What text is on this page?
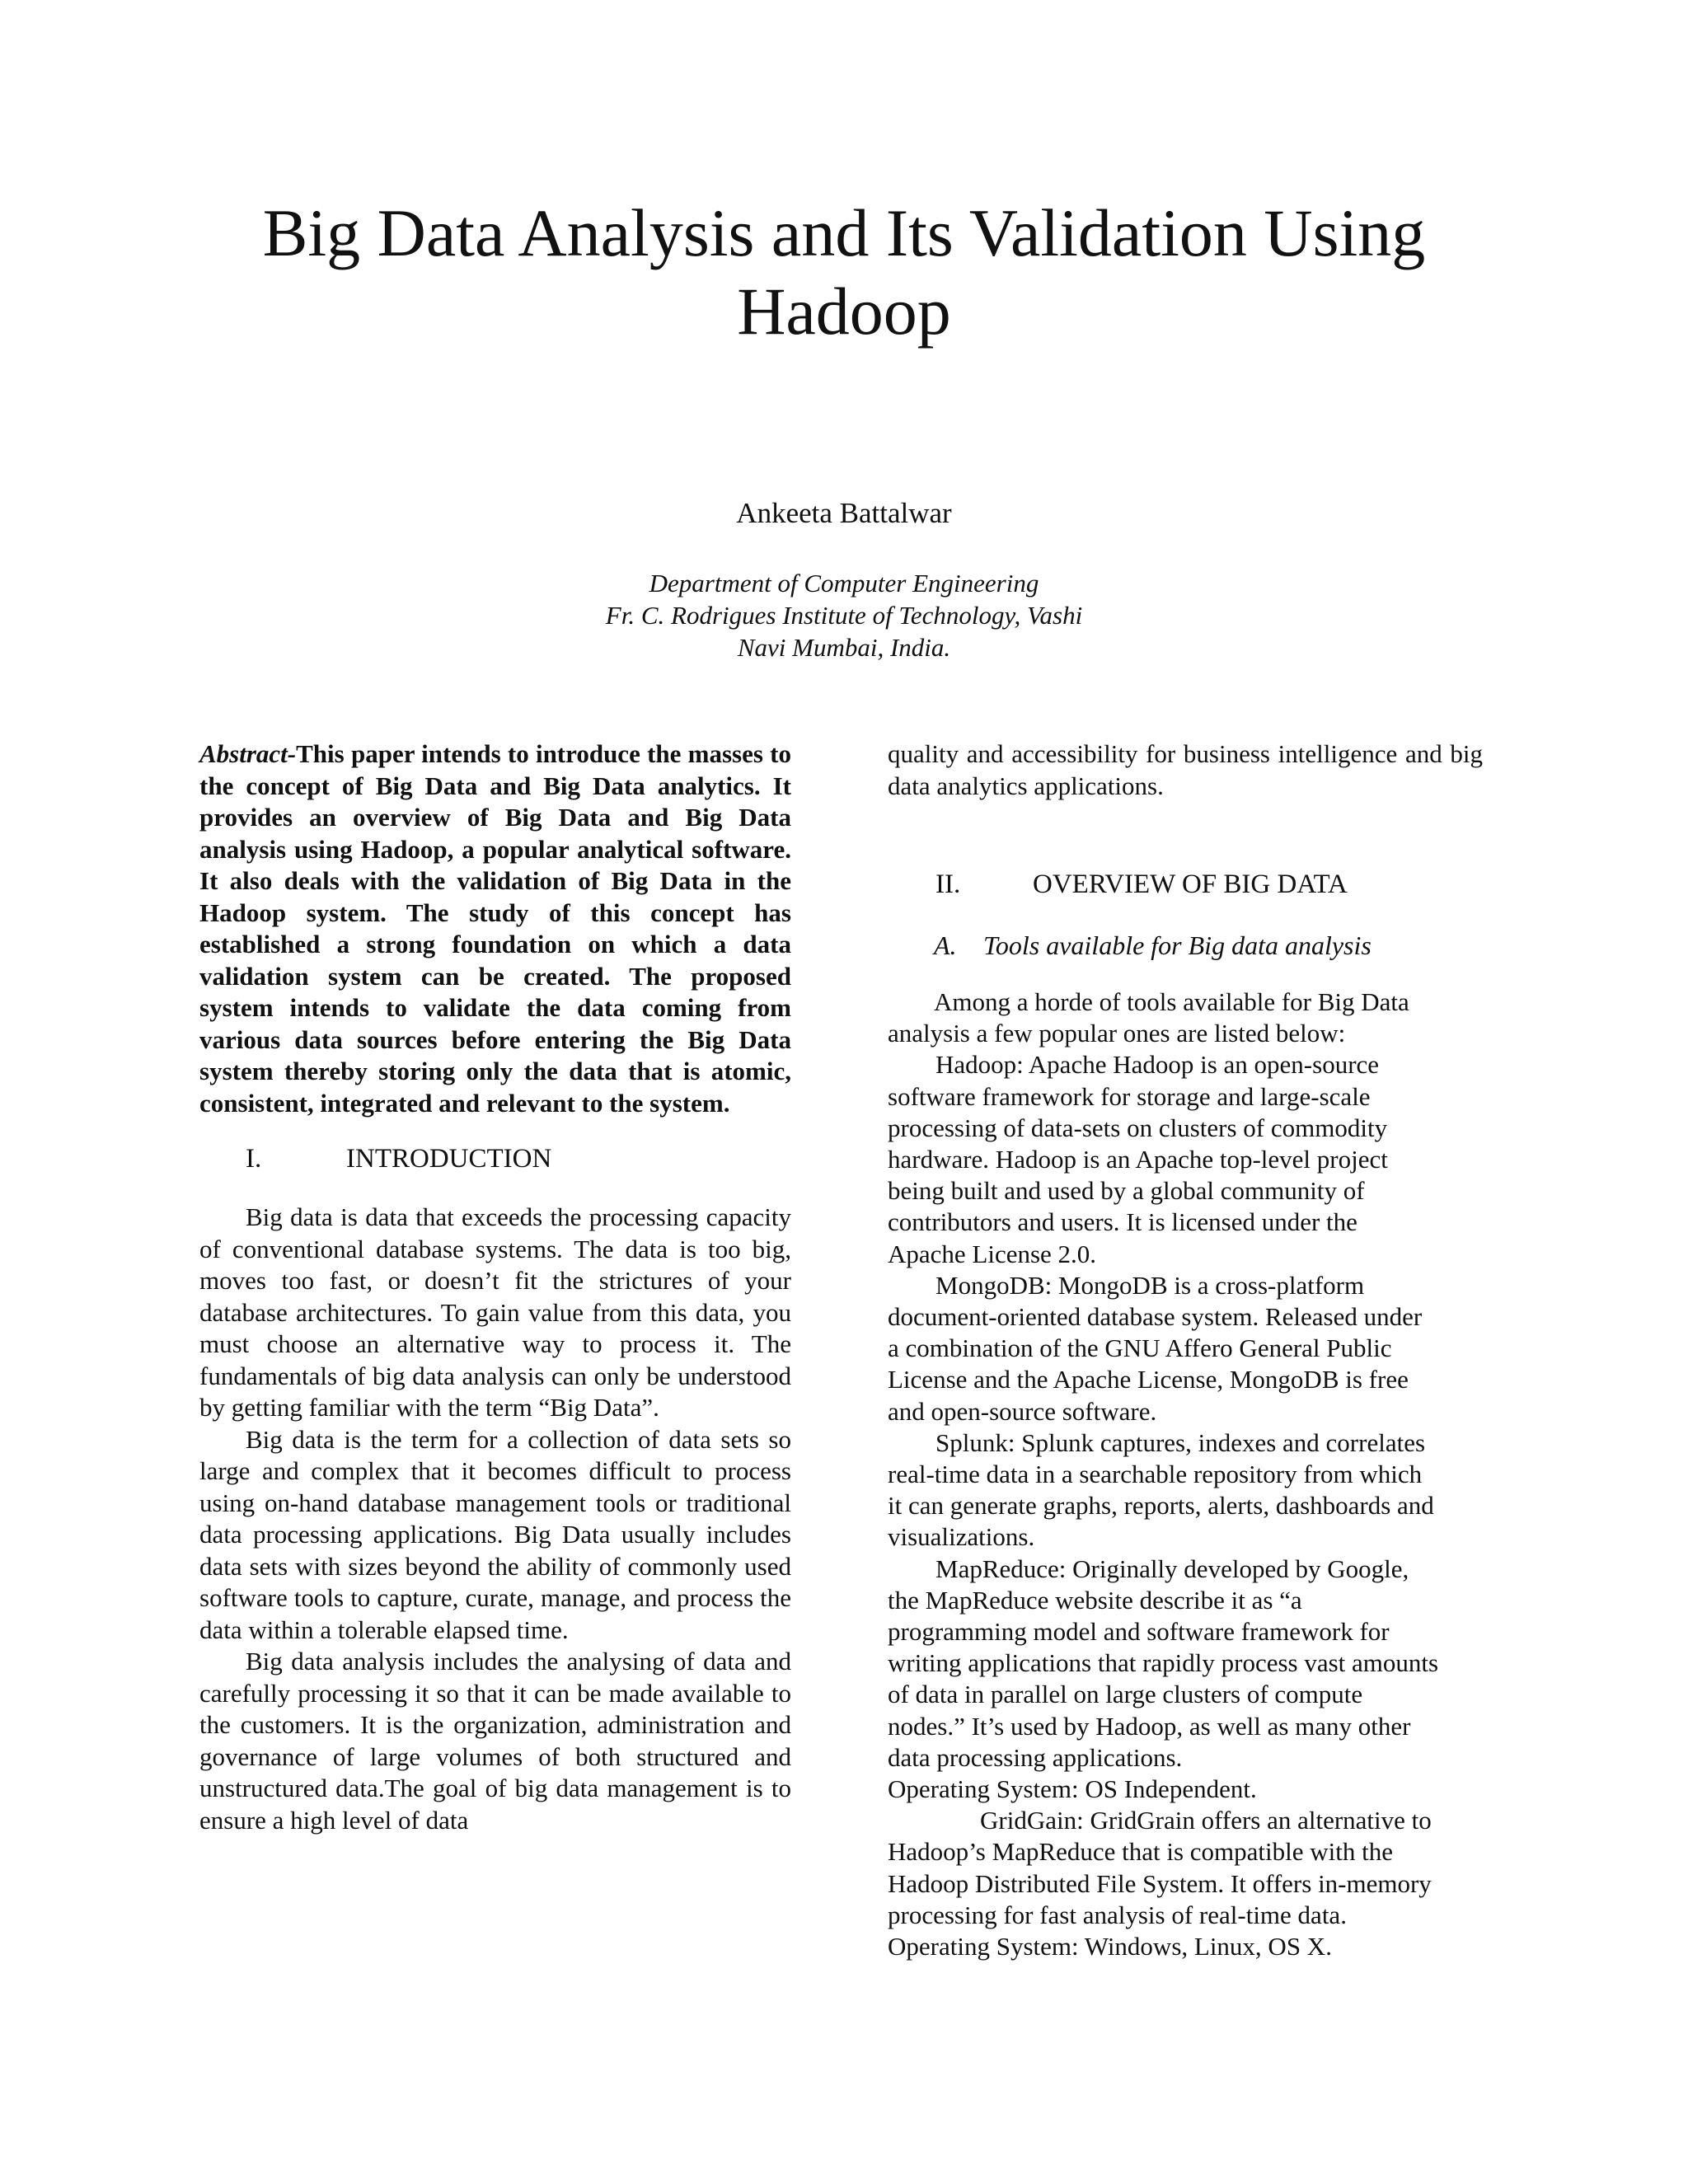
Big Data Analysis and Its Validation Using
Hadoop
Ankeeta Battalwar
Department of Computer Engineering
Fr. C. Rodrigues Institute of Technology, Vashi
Navi Mumbai, India.
Abstract-This paper intends to introduce the masses to the concept of Big Data and Big Data analytics. It provides an overview of Big Data and Big Data analysis using Hadoop, a popular analytical software. It also deals with the validation of Big Data in the Hadoop system. The study of this concept has established a strong foundation on which a data validation system can be created. The proposed system intends to validate the data coming from various data sources before entering the Big Data system thereby storing only the data that is atomic, consistent, integrated and relevant to the system.
I.	INTRODUCTION

Big data is data that exceeds the processing capacity of conventional database systems. The data is too big, moves too fast, or doesn’t fit the strictures of your database architectures. To gain value from this data, you must choose an alternative way to process it. The fundamentals of big data analysis can only be understood by getting familiar with the term “Big Data”.

Big data is the term for a collection of data sets so large and complex that it becomes difficult to process using on-hand database management tools or traditional data processing applications. Big Data usually includes data sets with sizes beyond the ability of commonly used software tools to capture, curate, manage, and process the data within a tolerable elapsed time.

Big data analysis includes the analysing of data and carefully processing it so that it can be made available to the customers. It is the organization, administration and governance of large volumes of both structured and unstructured data.The goal of big data management is to ensure a high level of data

quality and accessibility for business intelligence and big data analytics applications.

II.	OVERVIEW OF BIG DATA
A.	Tools available for Big data analysis

Among a horde of tools available for Big Data analysis a few popular ones are listed below:

Hadoop: Apache Hadoop is an open-source
software framework for storage and large-scale
processing of data-sets on clusters of commodity
hardware. Hadoop is an Apache top-level project
being built and used by a global community of
contributors and users. It is licensed under the
Apache License 2.0.
MongoDB: MongoDB is a cross-platform
document-oriented database system. Released under
a combination of the GNU Affero General Public
License and the Apache License, MongoDB is free
and open-source software.
Splunk: Splunk captures, indexes and correlates
real-time data in a searchable repository from which
it can generate graphs, reports, alerts, dashboards and
visualizations.
MapReduce: Originally developed by Google,
the MapReduce website describe it as “a
programming model and software framework for
writing applications that rapidly process vast amounts
of data in parallel on large clusters of compute
nodes.” It’s used by Hadoop, as well as many other
data processing applications.
Operating System: OS Independent.
GridGain: GridGrain offers an alternative to
Hadoop’s MapReduce that is compatible with the
Hadoop Distributed File System. It offers in-memory
processing for fast analysis of real-time data.
Operating System: Windows, Linux, OS X.
